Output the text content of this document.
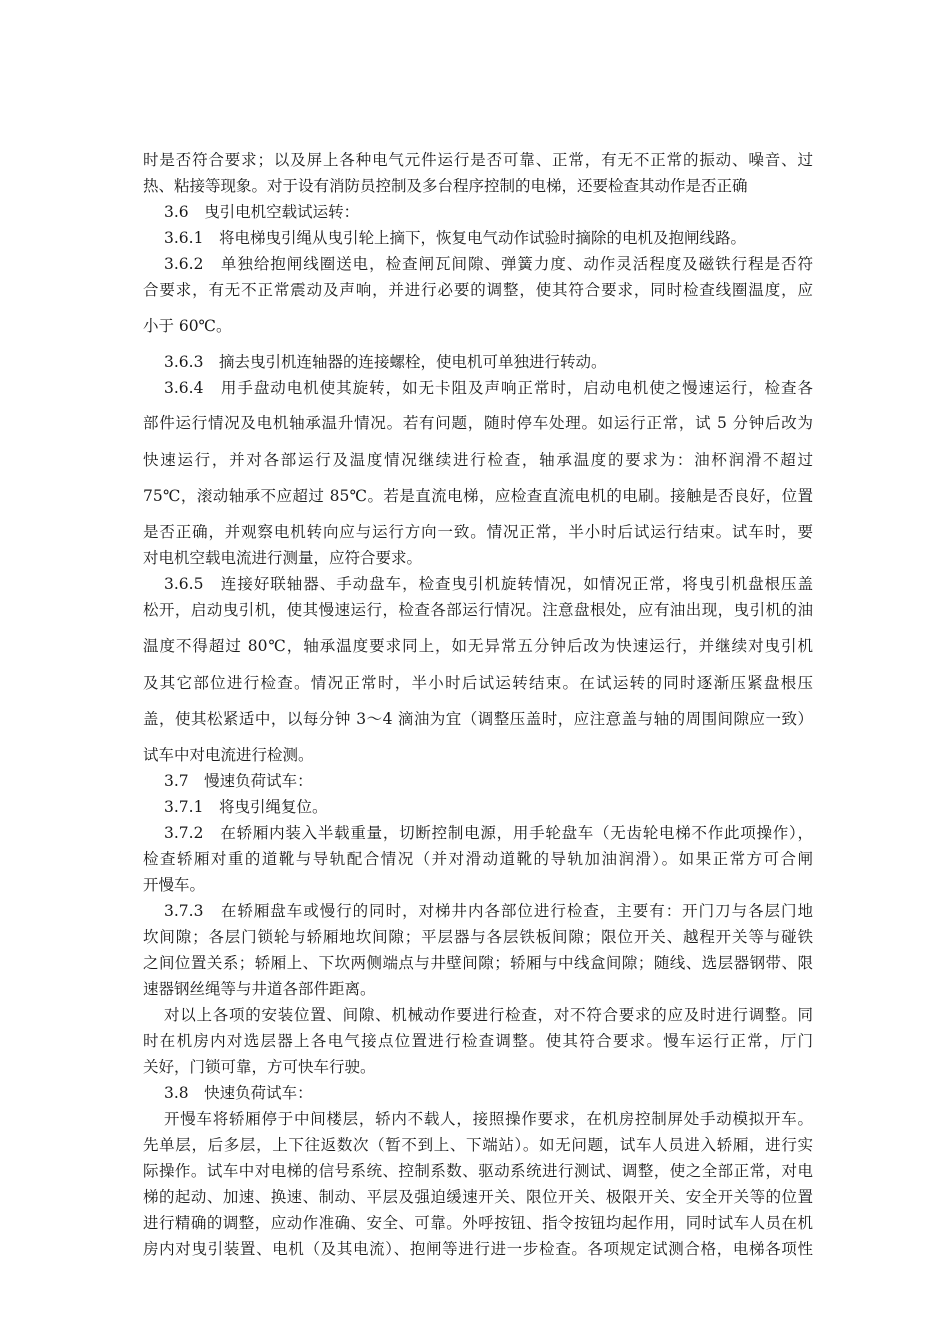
时是否符合要求；以及屏上各种电气元件运行是否可靠、正常，有无不正常的振动、噪音、过
热、粘接等现象。对于设有消防员控制及多台程序控制的电梯，还要检查其动作是否正确
3.6　曳引电机空载试运转：
3.6.1　将电梯曳引绳从曳引轮上摘下，恢复电气动作试验时摘除的电机及抱闸线路。
3.6.2　单独给抱闸线圈送电，检查闸瓦间隙、弹簧力度、动作灵活程度及磁铁行程是否符
合要求，有无不正常震动及声响，并进行必要的调整，使其符合要求，同时检查线圈温度，应
小于 60℃。
3.6.3　摘去曳引机连轴器的连接螺栓，使电机可单独进行转动。
3.6.4　用手盘动电机使其旋转，如无卡阻及声响正常时，启动电机使之慢速运行，检查各
部件运行情况及电机轴承温升情况。若有问题，随时停车处理。如运行正常，试 5 分钟后改为
快速运行，并对各部运行及温度情况继续进行检查，轴承温度的要求为：油杯润滑不超过
75℃，滚动轴承不应超过 85℃。若是直流电梯，应检查直流电机的电刷。接触是否良好，位置
是否正确，并观察电机转向应与运行方向一致。情况正常，半小时后试运行结束。试车时，要
对电机空载电流进行测量，应符合要求。
3.6.5　连接好联轴器、手动盘车，检查曳引机旋转情况，如情况正常，将曳引机盘根压盖
松开，启动曳引机，使其慢速运行，检查各部运行情况。注意盘根处，应有油出现，曳引机的油
温度不得超过 80℃，轴承温度要求同上，如无异常五分钟后改为快速运行，并继续对曳引机
及其它部位进行检查。情况正常时，半小时后试运转结束。在试运转的同时逐渐压紧盘根压
盖，使其松紧适中，以每分钟 3～4 滴油为宜（调整压盖时，应注意盖与轴的周围间隙应一致）
试车中对电流进行检测。
3.7　慢速负荷试车：
3.7.1　将曳引绳复位。
3.7.2　在轿厢内装入半载重量，切断控制电源，用手轮盘车（无齿轮电梯不作此项操作），
检查轿厢对重的道靴与导轨配合情况（并对滑动道靴的导轨加油润滑）。如果正常方可合闸
开慢车。
3.7.3　在轿厢盘车或慢行的同时，对梯井内各部位进行检查，主要有：开门刀与各层门地
坎间隙；各层门锁轮与轿厢地坎间隙；平层器与各层铁板间隙；限位开关、越程开关等与碰铁
之间位置关系；轿厢上、下坎两侧端点与井壁间隙；轿厢与中线盒间隙；随线、选层器钢带、限
速器钢丝绳等与井道各部件距离。
对以上各项的安装位置、间隙、机械动作要进行检查，对不符合要求的应及时进行调整。同
时在机房内对选层器上各电气接点位置进行检查调整。使其符合要求。慢车运行正常，厅门
关好，门锁可靠，方可快车行驶。
3.8　快速负荷试车：
开慢车将轿厢停于中间楼层，轿内不载人，接照操作要求，在机房控制屏处手动模拟开车。
先单层，后多层，上下往返数次（暂不到上、下端站）。如无问题，试车人员进入轿厢，进行实
际操作。试车中对电梯的信号系统、控制系数、驱动系统进行测试、调整，使之全部正常，对电
梯的起动、加速、换速、制动、平层及强迫缓速开关、限位开关、极限开关、安全开关等的位置
进行精确的调整，应动作准确、安全、可靠。外呼按钮、指令按钮均起作用，同时试车人员在机
房内对曳引装置、电机（及其电流）、抱闸等进行进一步检查。各项规定试测合格，电梯各项性
